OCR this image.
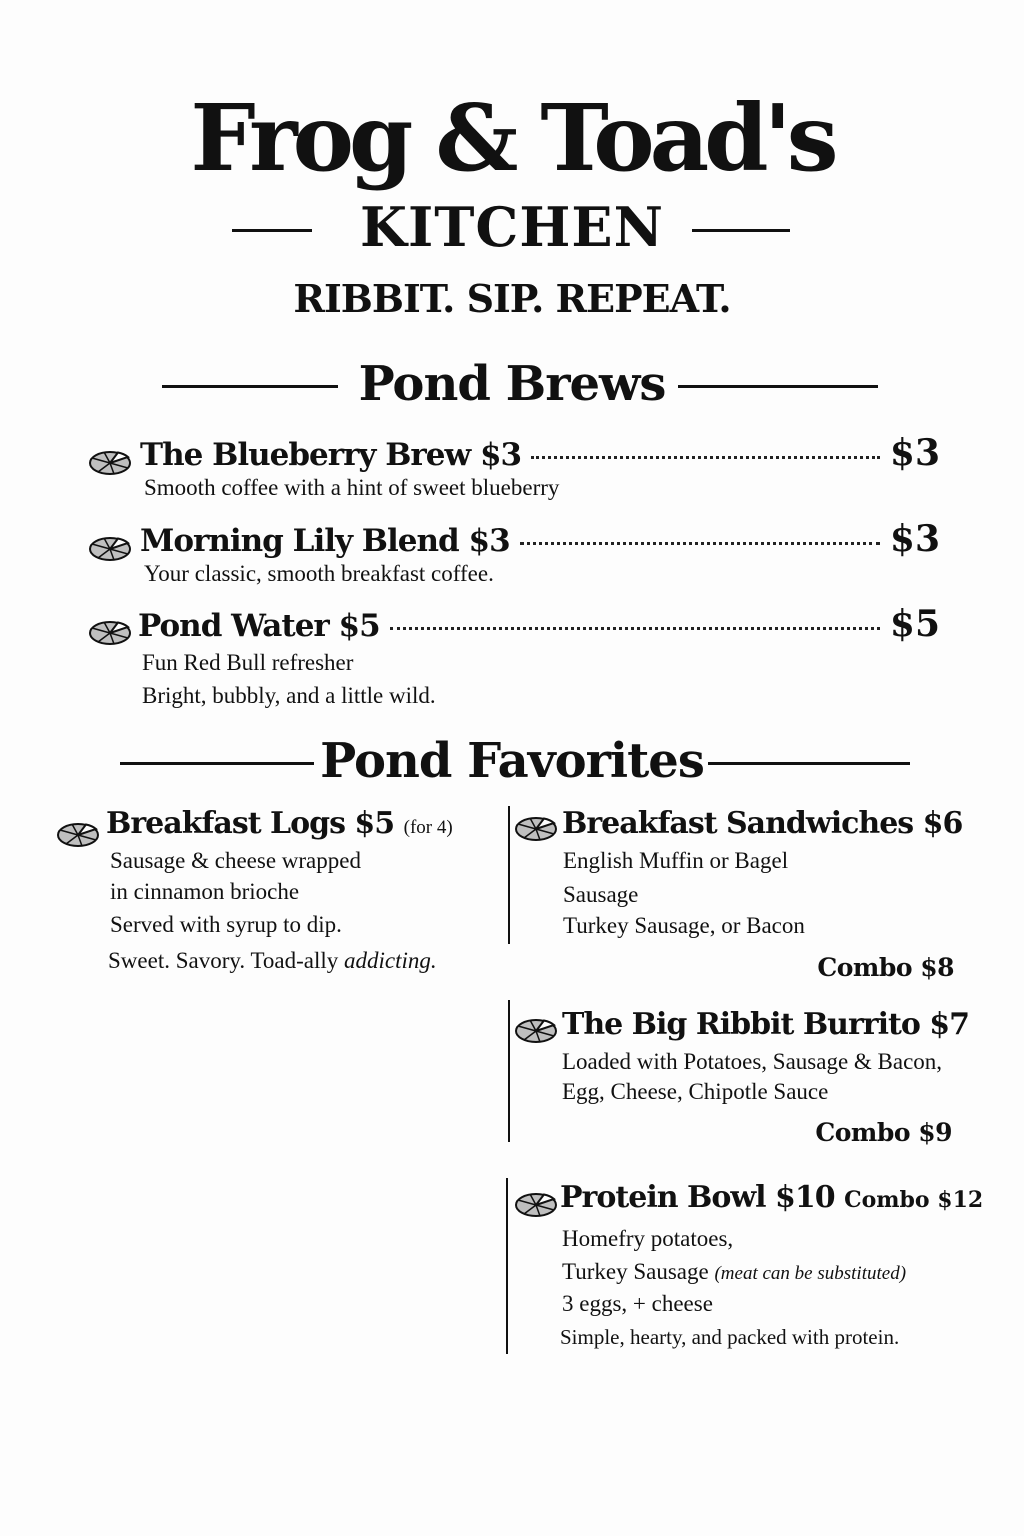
Frog & Toad's
KITCHEN
RIBBIT. SIP. REPEAT.
Pond Brews
The Blueberry Brew $3	$3
Smooth coffee with a hint of sweet blueberry
Morning Lily Blend $3	$3
Your classic, smooth breakfast coffee.
Pond Water $5	$5
Fun Red Bull refresher
Bright, bubbly, and a little wild.
Pond Favorites
Breakfast Logs $5 (for 4)
Sausage & cheese wrapped
in cinnamon brioche
Served with syrup to dip.
Sweet. Savory. Toad-ally addicting.
Breakfast Sandwiches $6
English Muffin or Bagel
Sausage
Turkey Sausage, or Bacon
Combo $8
The Big Ribbit Burrito $7
Loaded with Potatoes, Sausage & Bacon,
Egg, Cheese, Chipotle Sauce
Combo $9
Protein Bowl $10 Combo $12
Homefry potatoes,
Turkey Sausage (meat can be substituted)
3 eggs, + cheese
Simple, hearty, and packed with protein.
